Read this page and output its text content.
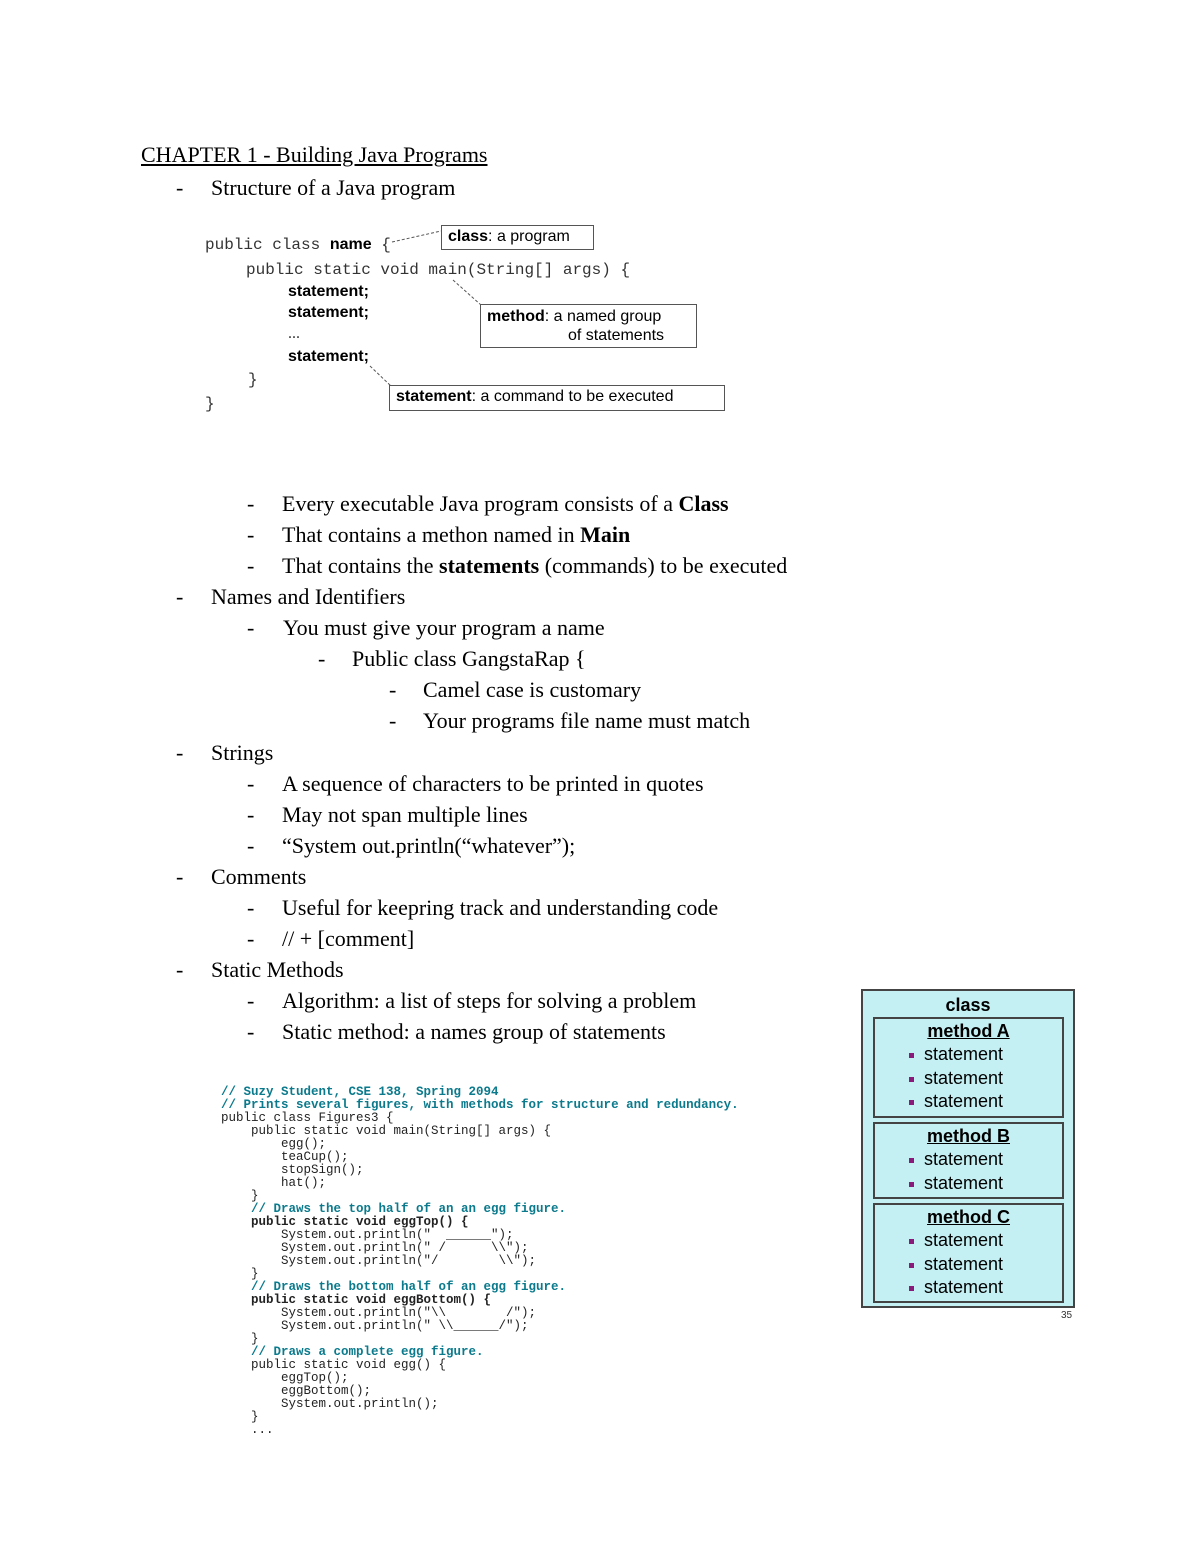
CHAPTER 1 - Building Java Programs
- Structure of a Java program
public class name {
public static void main(String[] args) {
statement;
statement;
...
statement;
}
}
class: a program
method: a named group
of statements
statement: a command to be executed
- Every executable Java program consists of a Class
- That contains a methon named in Main
- That contains the statements (commands) to be executed
- Names and Identifiers
- You must give your program a name
- Public class GangstaRap {
- Camel case is customary
- Your programs file name must match
- Strings
- A sequence of characters to be printed in quotes
- May not span multiple lines
- “System out.println(“whatever”);
- Comments
- Useful for keepring track and understanding code
- // + [comment]
- Static Methods
- Algorithm: a list of steps for solving a problem
- Static method: a names group of statements
// Suzy Student, CSE 138, Spring 2094
// Prints several figures, with methods for structure and redundancy.
public class Figures3 {
public static void main(String[] args) {
egg();
teaCup();
stopSign();
hat();
}
// Draws the top half of an an egg figure.
public static void eggTop() {
System.out.println("  ______");
System.out.println(" /      \\");
System.out.println("/        \\");
}
// Draws the bottom half of an egg figure.
public static void eggBottom() {
System.out.println("\\        /");
System.out.println(" \\______/");
}
// Draws a complete egg figure.
public static void egg() {
eggTop();
eggBottom();
System.out.println();
}
...
class
method A
statement
statement
statement
method B
statement
statement
method C
statement
statement
statement
35
